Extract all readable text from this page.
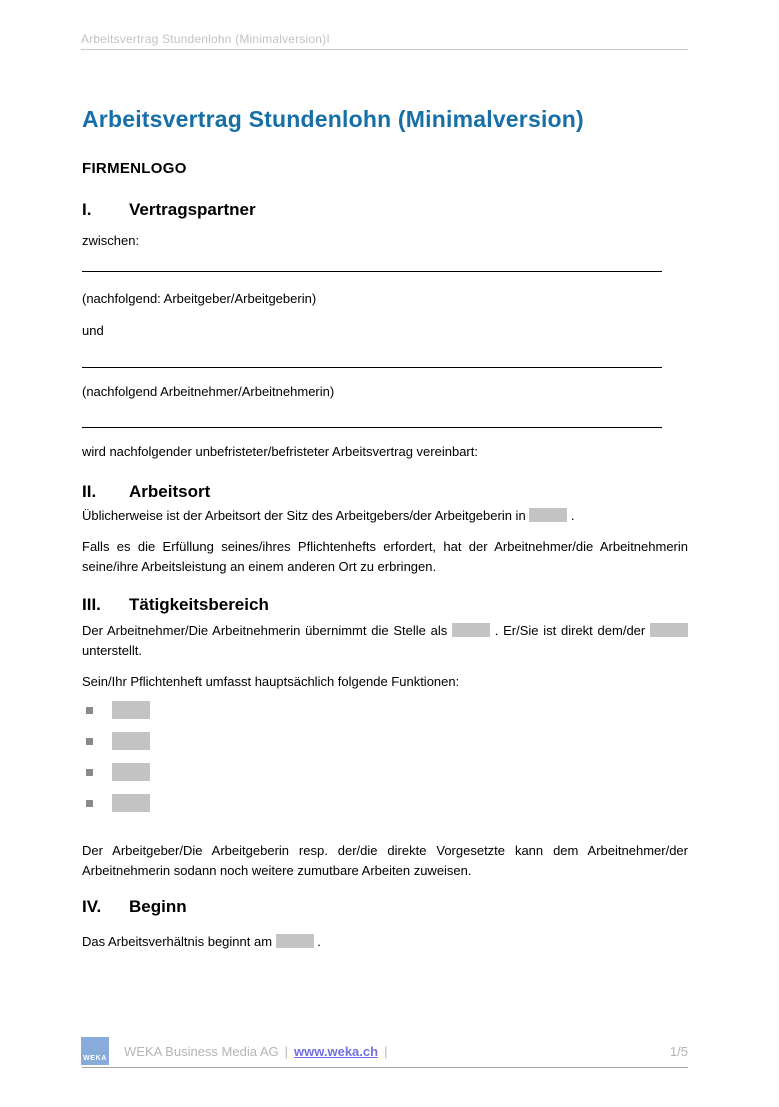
Arbeitsvertrag Stundenlohn (Minimalversion)I
Arbeitsvertrag Stundenlohn (Minimalversion)
FIRMENLOGO
I. Vertragspartner
zwischen:
(nachfolgend: Arbeitgeber/Arbeitgeberin)
und
(nachfolgend Arbeitnehmer/Arbeitnehmerin)
wird nachfolgender unbefristeter/befristeter Arbeitsvertrag vereinbart:
II. Arbeitsort
Üblicherweise ist der Arbeitsort der Sitz des Arbeitgebers/der Arbeitgeberin in	.
Falls es die Erfüllung seines/ihres Pflichtenhefts erfordert, hat der Arbeitnehmer/die Arbeitnehmerin seine/ihre Arbeitsleistung an einem anderen Ort zu erbringen.
III. Tätigkeitsbereich
Der Arbeitnehmer/Die Arbeitnehmerin übernimmt die Stelle als	. Er/Sie ist direkt dem/der  unterstellt.
Sein/Ihr Pflichtenheft umfasst hauptsächlich folgende Funktionen:
Der Arbeitgeber/Die Arbeitgeberin resp. der/die direkte Vorgesetzte kann dem Arbeitnehmer/der Arbeitnehmerin sodann noch weitere zumutbare Arbeiten zuweisen.
IV. Beginn
Das Arbeitsverhältnis beginnt am	.
WEKA WEKA Business Media AG | www.weka.ch |	1/5
